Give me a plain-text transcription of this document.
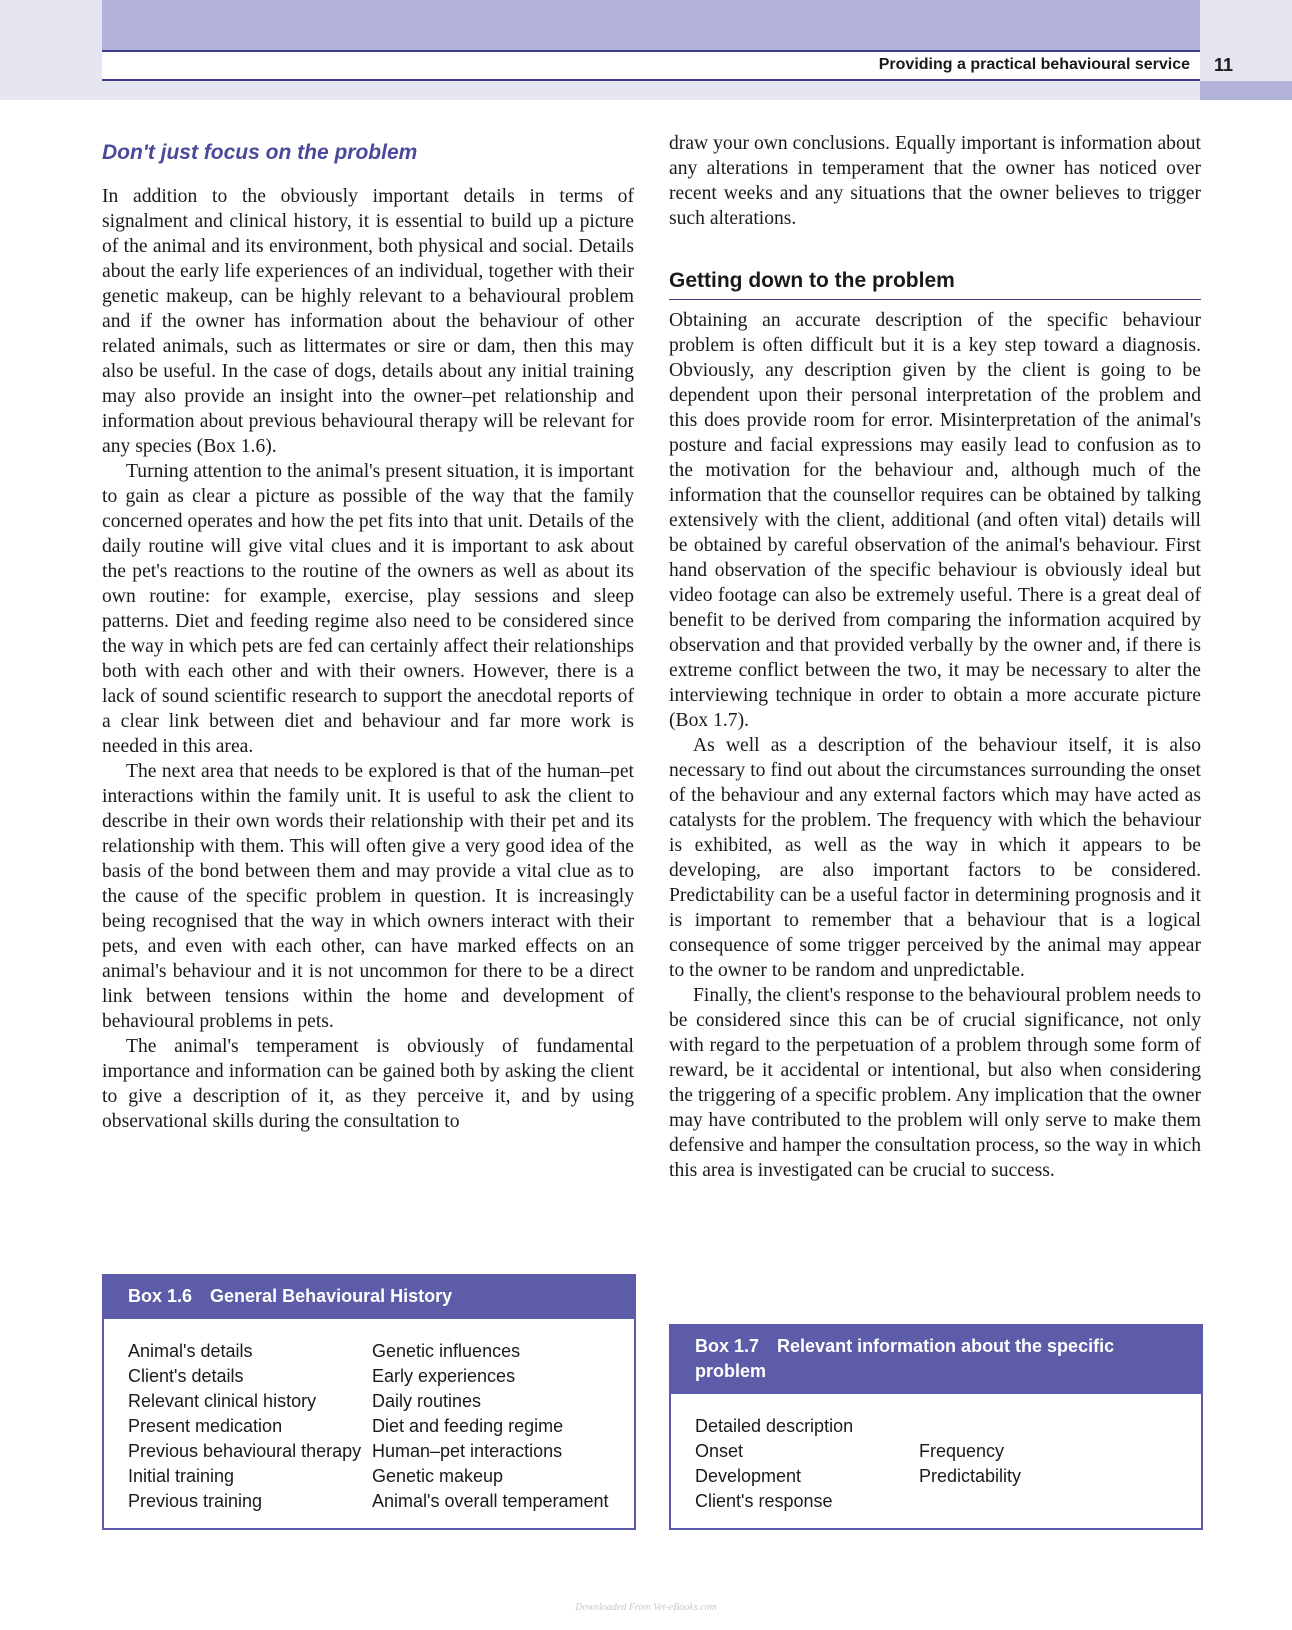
Providing a practical behavioural service 11
Don't just focus on the problem

In addition to the obviously important details in terms of signalment and clinical history, it is essential to build up a picture of the animal and its environment, both physical and social. Details about the early life experiences of an individual, together with their genetic makeup, can be highly relevant to a behavioural problem and if the owner has information about the behaviour of other related animals, such as littermates or sire or dam, then this may also be useful. In the case of dogs, details about any initial training may also provide an insight into the owner–pet relationship and information about previous behavioural therapy will be relevant for any species (Box 1.6).

Turning attention to the animal's present situation, it is important to gain as clear a picture as possible of the way that the family concerned operates and how the pet fits into that unit. Details of the daily routine will give vital clues and it is important to ask about the pet's reactions to the routine of the owners as well as about its own routine: for example, exercise, play sessions and sleep patterns. Diet and feeding regime also need to be considered since the way in which pets are fed can certainly affect their relationships both with each other and with their owners. However, there is a lack of sound scientific research to support the anecdotal reports of a clear link between diet and behaviour and far more work is needed in this area.

The next area that needs to be explored is that of the human–pet interactions within the family unit. It is useful to ask the client to describe in their own words their relationship with their pet and its relationship with them. This will often give a very good idea of the basis of the bond between them and may provide a vital clue as to the cause of the specific problem in question. It is increasingly being recognised that the way in which owners interact with their pets, and even with each other, can have marked effects on an animal's behaviour and it is not uncommon for there to be a direct link between tensions within the home and development of behavioural problems in pets.

The animal's temperament is obviously of fundamental importance and information can be gained both by asking the client to give a description of it, as they perceive it, and by using observational skills during the consultation to

draw your own conclusions. Equally important is information about any alterations in temperament that the owner has noticed over recent weeks and any situations that the owner believes to trigger such alterations.

Getting down to the problem

Obtaining an accurate description of the specific behaviour problem is often difficult but it is a key step toward a diagnosis. Obviously, any description given by the client is going to be dependent upon their personal interpretation of the problem and this does provide room for error. Misinterpretation of the animal's posture and facial expressions may easily lead to confusion as to the motivation for the behaviour and, although much of the information that the counsellor requires can be obtained by talking extensively with the client, additional (and often vital) details will be obtained by careful observation of the animal's behaviour. First hand observation of the specific behaviour is obviously ideal but video footage can also be extremely useful. There is a great deal of benefit to be derived from comparing the information acquired by observation and that provided verbally by the owner and, if there is extreme conflict between the two, it may be necessary to alter the interviewing technique in order to obtain a more accurate picture (Box 1.7).

As well as a description of the behaviour itself, it is also necessary to find out about the circumstances surrounding the onset of the behaviour and any external factors which may have acted as catalysts for the problem. The frequency with which the behaviour is exhibited, as well as the way in which it appears to be developing, are also important factors to be considered. Predictability can be a useful factor in determining prognosis and it is important to remember that a behaviour that is a logical consequence of some trigger perceived by the animal may appear to the owner to be random and unpredictable.

Finally, the client's response to the behavioural problem needs to be considered since this can be of crucial significance, not only with regard to the perpetuation of a problem through some form of reward, be it accidental or intentional, but also when considering the triggering of a specific problem. Any implication that the owner may have contributed to the problem will only serve to make them defensive and hamper the consultation process, so the way in which this area is investigated can be crucial to success.

Box 1.6 General Behavioural History
Animal's details
Client's details
Relevant clinical history
Present medication
Previous behavioural therapy
Initial training
Previous training
Genetic influences
Early experiences
Daily routines
Diet and feeding regime
Human–pet interactions
Genetic makeup
Animal's overall temperament
Box 1.7 Relevant information about the specific problem
Detailed description
Onset
Development
Client's response
Frequency
Predictability
Downloaded From Vet-eBooks.com
